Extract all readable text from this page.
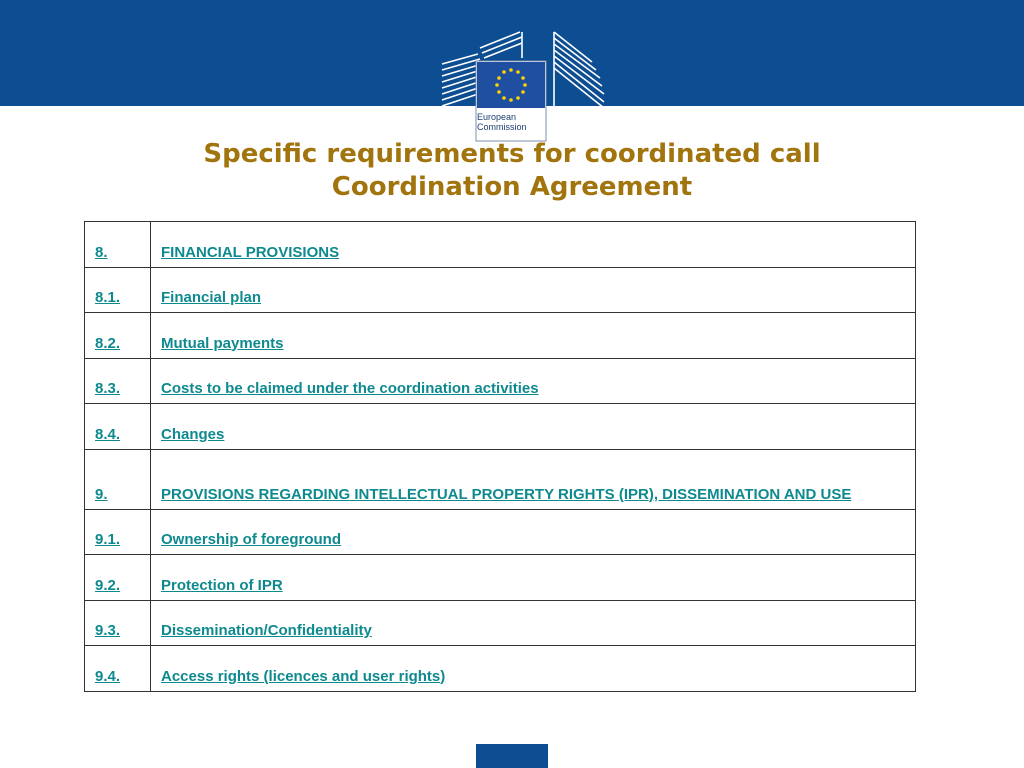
European
Commission
Specific requirements for coordinated call
Coordination Agreement
8.	FINANCIAL PROVISIONS
8.1.	Financial plan
8.2.	Mutual payments
8.3.	Costs to be claimed under the coordination activities
8.4.	Changes
9.	PROVISIONS REGARDING INTELLECTUAL PROPERTY RIGHTS (IPR), DISSEMINATION AND USE
9.1.	Ownership of foreground
9.2.	Protection of IPR
9.3.	Dissemination/Confidentiality
9.4.	Access rights (licences and user rights)
